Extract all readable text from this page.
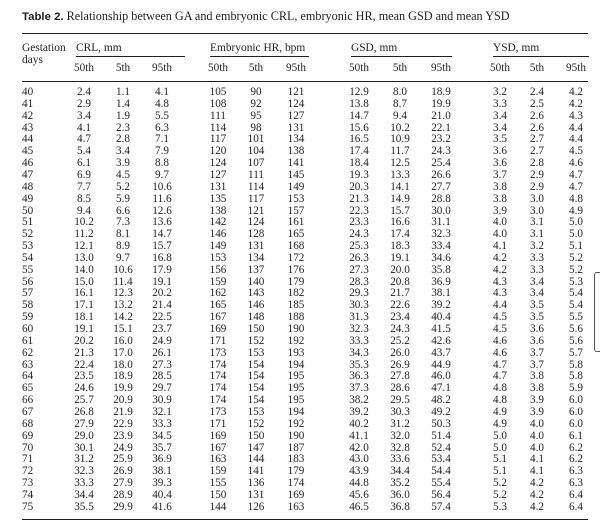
Table 2. Relationship between GA and embryonic CRL, embryonic HR, mean GSD and mean YSD
Gestation
days
CRL, mm	Embryonic HR, bpm	GSD, mm	YSD, mm
50th	5th	95th	50th	5th	95th	50th	5th	95th	50th	5th	95th
40	2.4	1.1	4.1	105	90	121	12.9	8.0	18.9	3.2	2.4	4.2
41	2.9	1.4	4.8	108	92	124	13.8	8.7	19.9	3.3	2.5	4.2
42	3.4	1.9	5.5	111	95	127	14.7	9.4	21.0	3.4	2.6	4.3
43	4.1	2.3	6.3	114	98	131	15.6	10.2	22.1	3.4	2.6	4.4
44	4.7	2.8	7.1	117	101	134	16.5	10.9	23.2	3.5	2.7	4.4
45	5.4	3.4	7.9	120	104	138	17.4	11.7	24.3	3.6	2.7	4.5
46	6.1	3.9	8.8	124	107	141	18.4	12.5	25.4	3.6	2.8	4.6
47	6.9	4.5	9.7	127	111	145	19.3	13.3	26.6	3.7	2.9	4.7
48	7.7	5.2	10.6	131	114	149	20.3	14.1	27.7	3.8	2.9	4.7
49	8.5	5.9	11.6	135	117	153	21.3	14.9	28.8	3.8	3.0	4.8
50	9.4	6.6	12.6	138	121	157	22.3	15.7	30.0	3.9	3.0	4.9
51	10.2	7.3	13.6	142	124	161	23.3	16.6	31.1	4.0	3.1	5.0
52	11.2	8.1	14.7	146	128	165	24.3	17.4	32.3	4.0	3.1	5.0
53	12.1	8.9	15.7	149	131	168	25.3	18.3	33.4	4.1	3.2	5.1
54	13.0	9.7	16.8	153	134	172	26.3	19.1	34.6	4.2	3.3	5.2
55	14.0	10.6	17.9	156	137	176	27.3	20.0	35.8	4.2	3.3	5.2
56	15.0	11.4	19.1	159	140	179	28.3	20.8	36.9	4.3	3.4	5.3
57	16.1	12.3	20.2	162	143	182	29.3	21.7	38.1	4.3	3.4	5.4
58	17.1	13.2	21.4	165	146	185	30.3	22.6	39.2	4.4	3.5	5.4
59	18.1	14.2	22.5	167	148	188	31.3	23.4	40.4	4.5	3.5	5.5
60	19.1	15.1	23.7	169	150	190	32.3	24.3	41.5	4.5	3.6	5.6
61	20.2	16.0	24.9	171	152	192	33.3	25.2	42.6	4.6	3.6	5.6
62	21.3	17.0	26.1	173	153	193	34.3	26.0	43.7	4.6	3.7	5.7
63	22.4	18.0	27.3	174	154	194	35.3	26.9	44.9	4.7	3.7	5.8
64	23.5	18.9	28.5	174	154	195	36.3	27.8	46.0	4.7	3.8	5.8
65	24.6	19.9	29.7	174	154	195	37.3	28.6	47.1	4.8	3.8	5.9
66	25.7	20.9	30.9	174	154	195	38.2	29.5	48.2	4.8	3.9	6.0
67	26.8	21.9	32.1	173	153	194	39.2	30.3	49.2	4.9	3.9	6.0
68	27.9	22.9	33.3	171	152	192	40.2	31.2	50.3	4.9	4.0	6.0
69	29.0	23.9	34.5	169	150	190	41.1	32.0	51.4	5.0	4.0	6.1
70	30.1	24.9	35.7	167	147	187	42.0	32.8	52.4	5.0	4.0	6.2
71	31.2	25.9	36.9	163	144	183	43.0	33.6	53.4	5.1	4.1	6.2
72	32.3	26.9	38.1	159	141	179	43.9	34.4	54.4	5.1	4.1	6.3
73	33.3	27.9	39.3	155	136	174	44.8	35.2	55.4	5.2	4.2	6.3
74	34.4	28.9	40.4	150	131	169	45.6	36.0	56.4	5.2	4.2	6.4
75	35.5	29.9	41.6	144	126	163	46.5	36.8	57.4	5.3	4.2	6.4
